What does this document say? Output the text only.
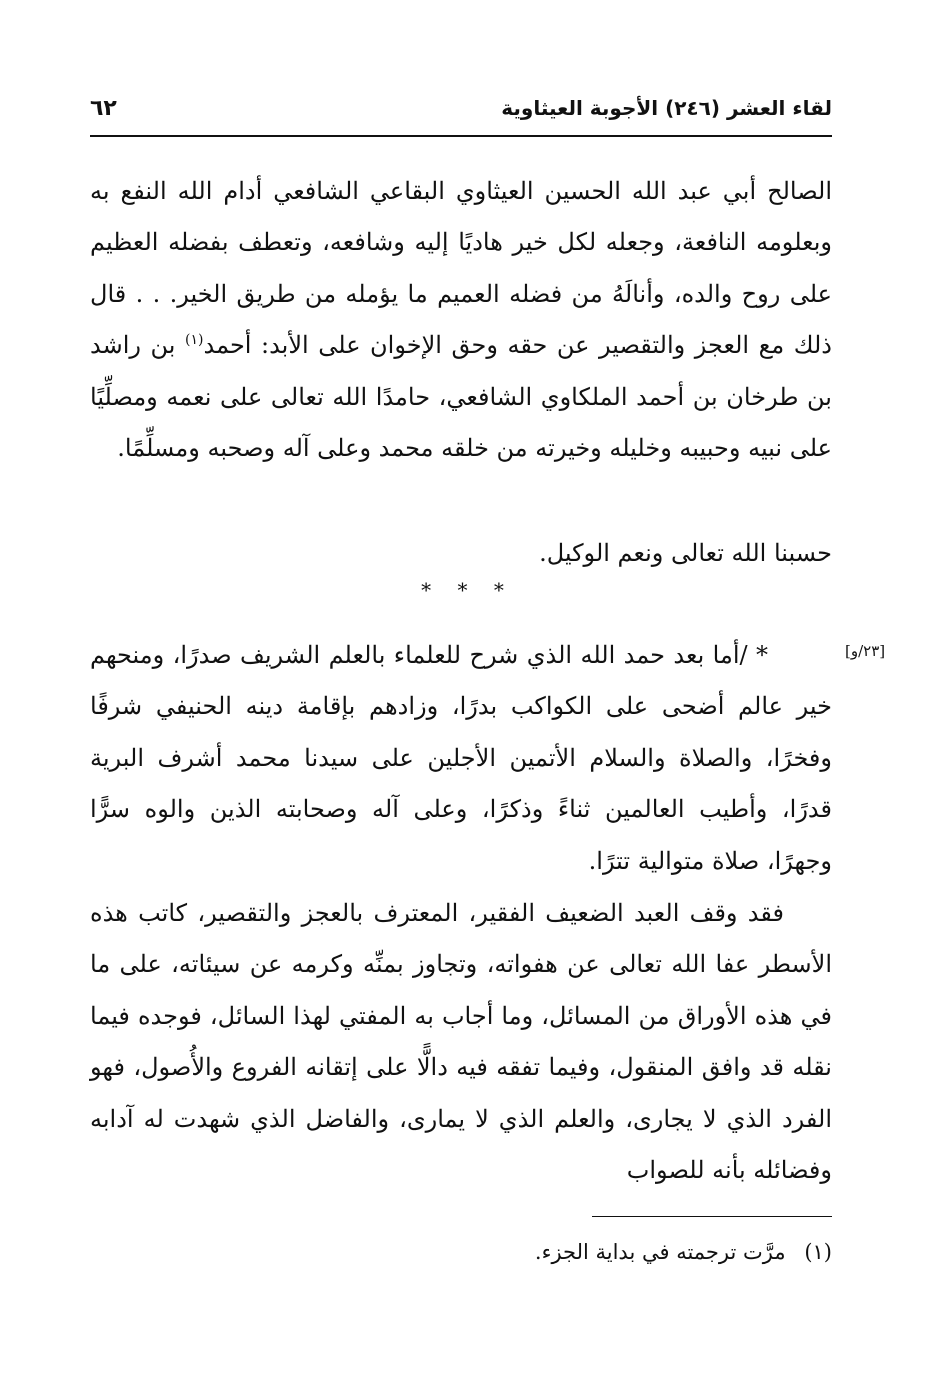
لقاء العشر (٢٤٦) الأجوبة العيثاوية
٦٢

الصالح أبي عبد الله الحسين العيثاوي البقاعي الشافعي أدام الله النفع به وبعلومه النافعة، وجعله لكل خير هاديًا إليه وشافعه، وتعطف بفضله العظيم على روح والده، وأنالَهُ من فضله العميم ما يؤمله من طريق الخير. . . قال ذلك مع العجز والتقصير عن حقه وحق الإخوان على الأبد: أحمد$^{(١)}$ بن راشد بن طرخان بن أحمد الملكاوي الشافعي، حامدًا الله تعالى على نعمه ومصلِّيًا على نبيه وحبيبه وخليله وخيرته من خلقه محمد وعلى آله وصحبه ومسلِّمًا.

حسبنا الله تعالى ونعم الوكيل.

* * *
[٢٣/و]

* /أما بعد حمد الله الذي شرح للعلماء بالعلم الشريف صدرًا، ومنحهم خير عالم أضحى على الكواكب بدرًا، وزادهم بإقامة دينه الحنيفي شرفًا وفخرًا، والصلاة والسلام الأتمين الأجلين على سيدنا محمد أشرف البرية قدرًا، وأطيب العالمين ثناءً وذكرًا، وعلى آله وصحابته الذين والوه سرًّا وجهرًا، صلاة متوالية تترًا.

فقد وقف العبد الضعيف الفقير، المعترف بالعجز والتقصير، كاتب هذه الأسطر عفا الله تعالى عن هفواته، وتجاوز بمنِّه وكرمه عن سيئاته، على ما في هذه الأوراق من المسائل، وما أجاب به المفتي لهذا السائل، فوجده فيما نقله قد وافق المنقول، وفيما تفقه فيه دالًّا على إتقانه الفروع والأُصول، فهو الفرد الذي لا يجارى، والعلم الذي لا يمارى، والفاضل الذي شهدت له آدابه وفضائله بأنه للصواب

(١) مرَّت ترجمته في بداية الجزء.
